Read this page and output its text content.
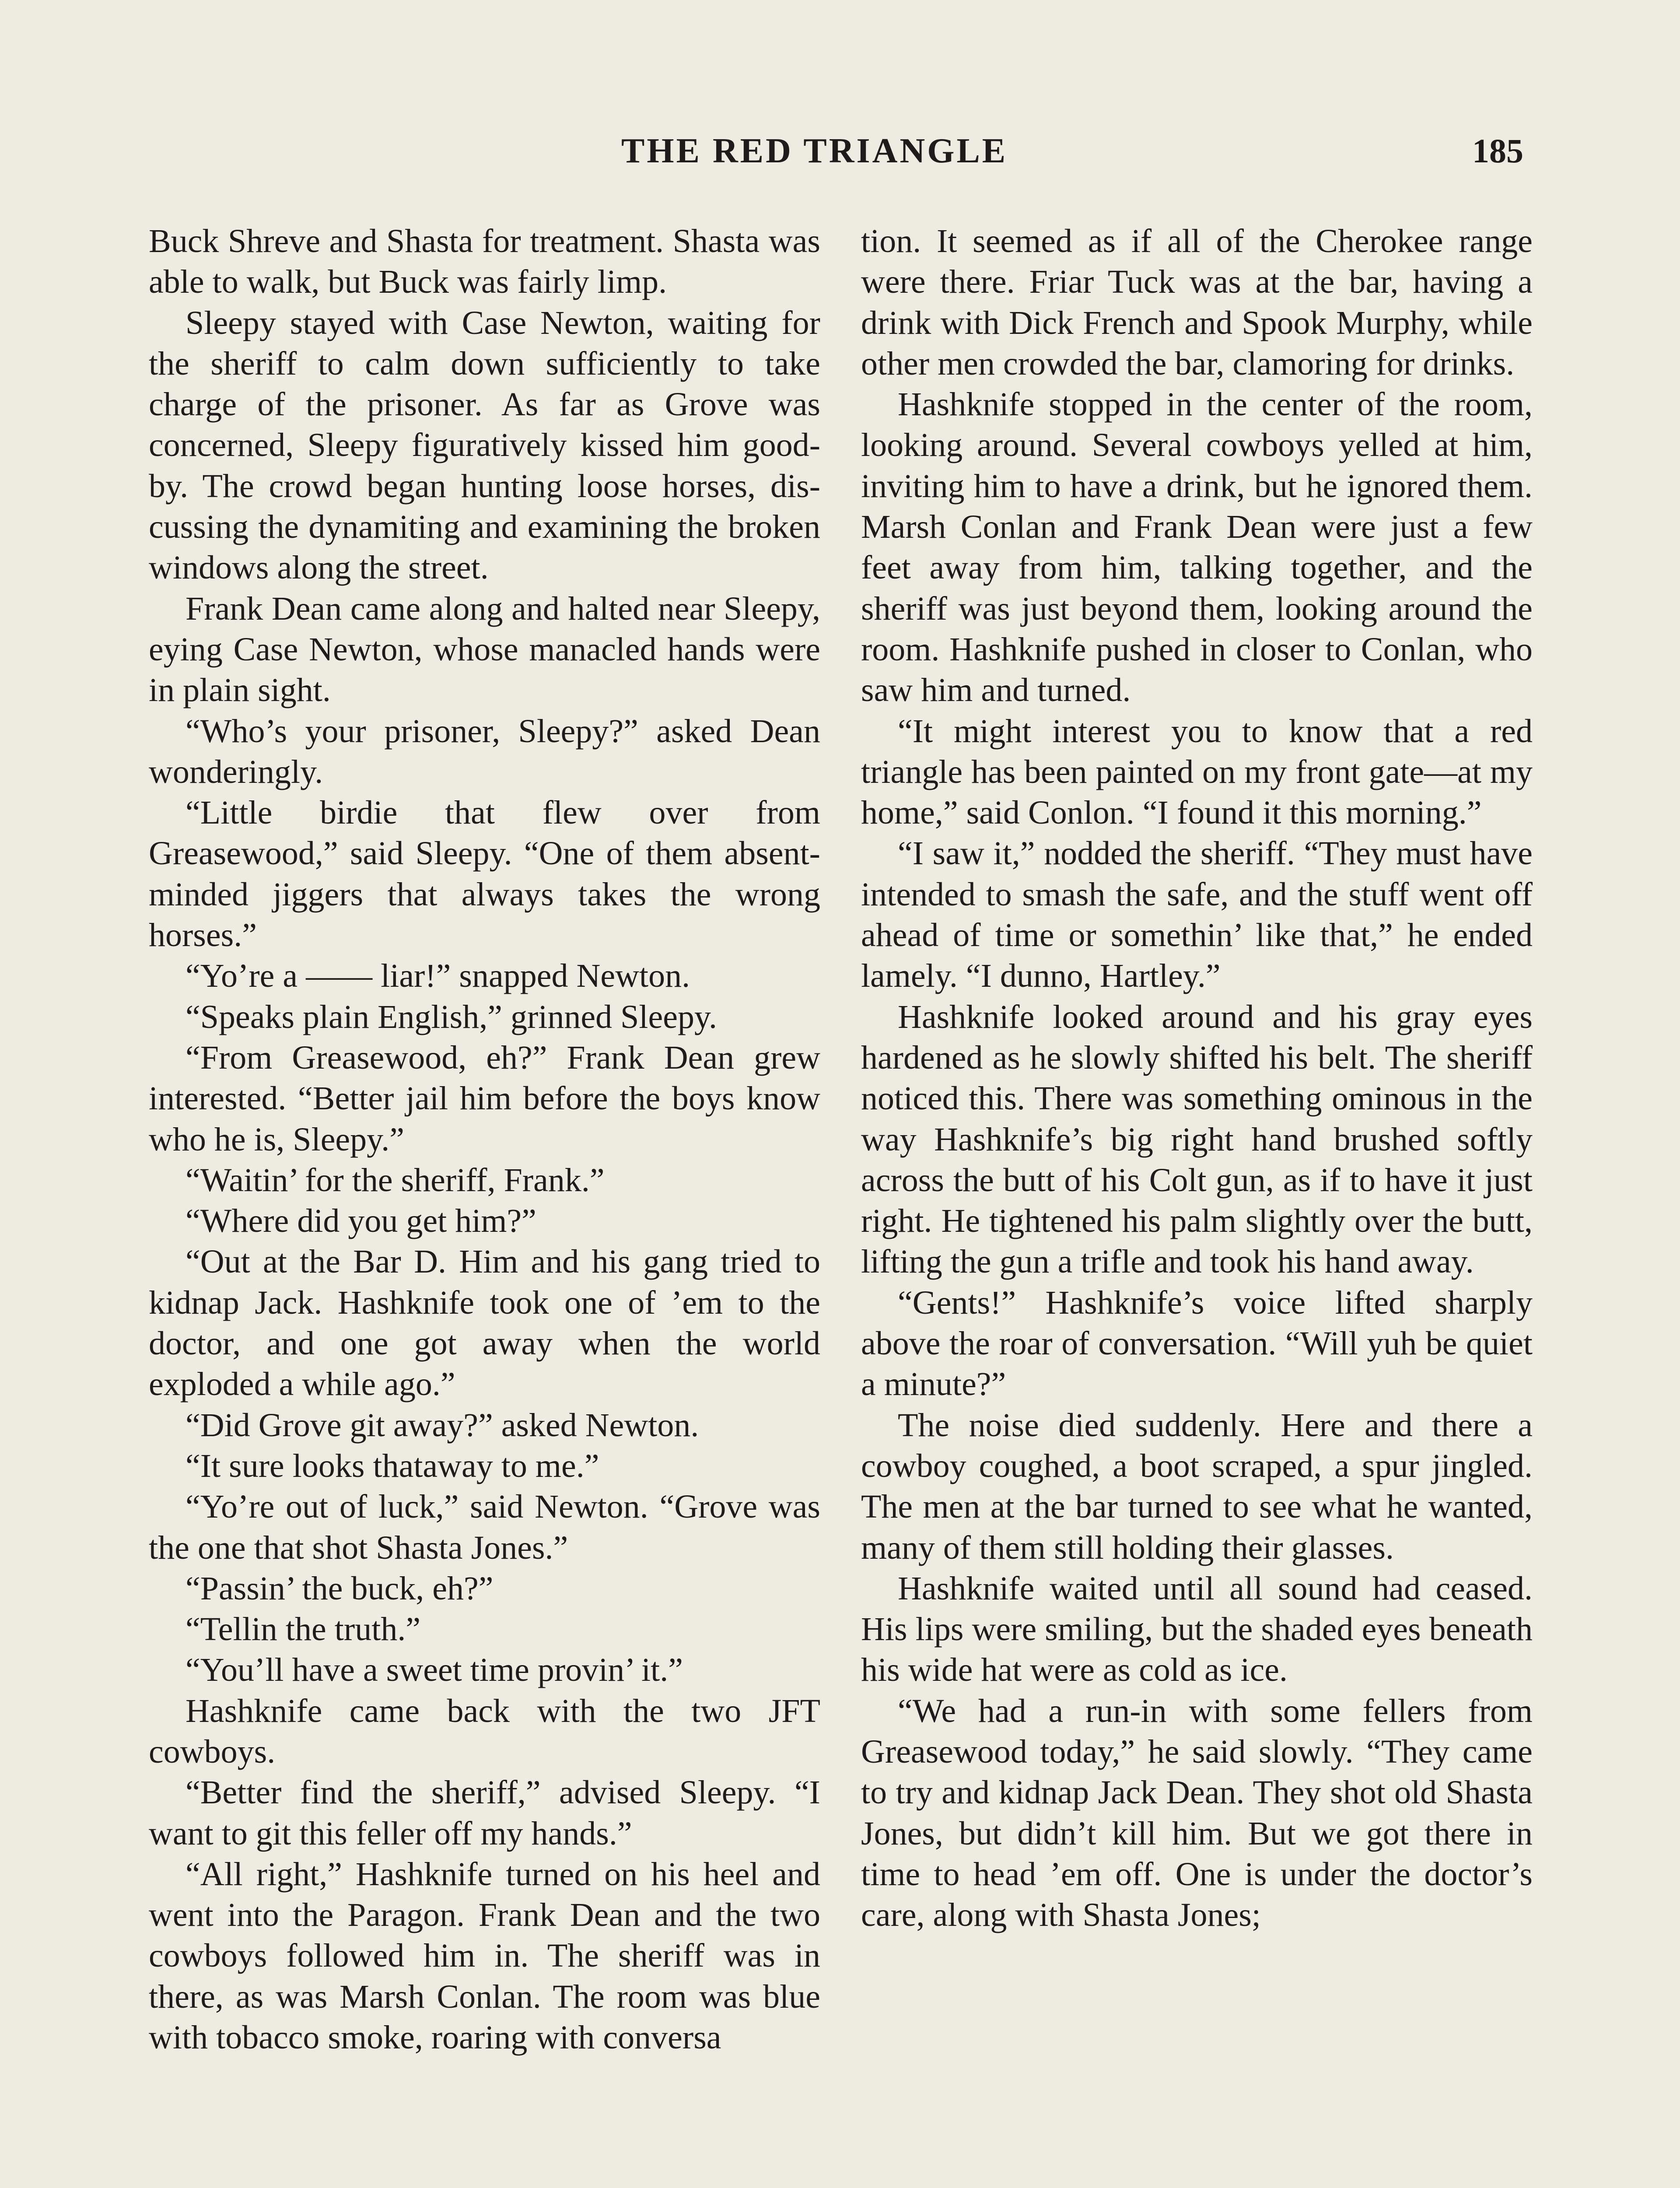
THE RED TRIANGLE	185

Buck Shreve and Shasta for treatment. Shasta was able to walk, but Buck was fairly limp.

Sleepy stayed with Case Newton, waiting for the sheriff to calm down sufficiently to take charge of the prisoner. As far as Grove was concerned, Sleepy figuratively kissed him good-by. The crowd began hunting loose horses, discussing the dynamiting and examining the broken windows along the street.

Frank Dean came along and halted near Sleepy, eying Case Newton, whose manacled hands were in plain sight.

“Who’s your prisoner, Sleepy?” asked Dean wonderingly.

“Little birdie that flew over from Greasewood,” said Sleepy. “One of them absent-minded jiggers that always takes the wrong horses.”

“Yo’re a —— liar!” snapped Newton.

“Speaks plain English,” grinned Sleepy.

“From Greasewood, eh?” Frank Dean grew interested. “Better jail him before the boys know who he is, Sleepy.”

“Waitin’ for the sheriff, Frank.”

“Where did you get him?”

“Out at the Bar D. Him and his gang tried to kidnap Jack. Hashknife took one of ’em to the doctor, and one got away when the world exploded a while ago.”

“Did Grove git away?” asked Newton.

“It sure looks thataway to me.”

“Yo’re out of luck,” said Newton. “Grove was the one that shot Shasta Jones.”

“Passin’ the buck, eh?”

“Tellin the truth.”

“You’ll have a sweet time provin’ it.”

Hashknife came back with the two JFT cowboys.

“Better find the sheriff,” advised Sleepy. “I want to git this feller off my hands.”

“All right,” Hashknife turned on his heel and went into the Paragon. Frank Dean and the two cowboys followed him in. The sheriff was in there, as was Marsh Conlan. The room was blue with tobacco smoke, roaring with conversa

tion. It seemed as if all of the Cherokee range were there. Friar Tuck was at the bar, having a drink with Dick French and Spook Murphy, while other men crowded the bar, clamoring for drinks.

Hashknife stopped in the center of the room, looking around. Several cowboys yelled at him, inviting him to have a drink, but he ignored them. Marsh Conlan and Frank Dean were just a few feet away from him, talking together, and the sheriff was just beyond them, looking around the room. Hashknife pushed in closer to Conlan, who saw him and turned.

“It might interest you to know that a red triangle has been painted on my front gate—at my home,” said Conlon. “I found it this morning.”

“I saw it,” nodded the sheriff. “They must have intended to smash the safe, and the stuff went off ahead of time or somethin’ like that,” he ended lamely. “I dunno, Hartley.”

Hashknife looked around and his gray eyes hardened as he slowly shifted his belt. The sheriff noticed this. There was something ominous in the way Hashknife’s big right hand brushed softly across the butt of his Colt gun, as if to have it just right. He tightened his palm slightly over the butt, lifting the gun a trifle and took his hand away.

“Gents!” Hashknife’s voice lifted sharply above the roar of conversation. “Will yuh be quiet a minute?”

The noise died suddenly. Here and there a cowboy coughed, a boot scraped, a spur jingled. The men at the bar turned to see what he wanted, many of them still holding their glasses.

Hashknife waited until all sound had ceased. His lips were smiling, but the shaded eyes beneath his wide hat were as cold as ice.

“We had a run-in with some fellers from Greasewood today,” he said slowly. “They came to try and kidnap Jack Dean. They shot old Shasta Jones, but didn’t kill him. But we got there in time to head ’em off. One is under the doctor’s care, along with Shasta Jones;
